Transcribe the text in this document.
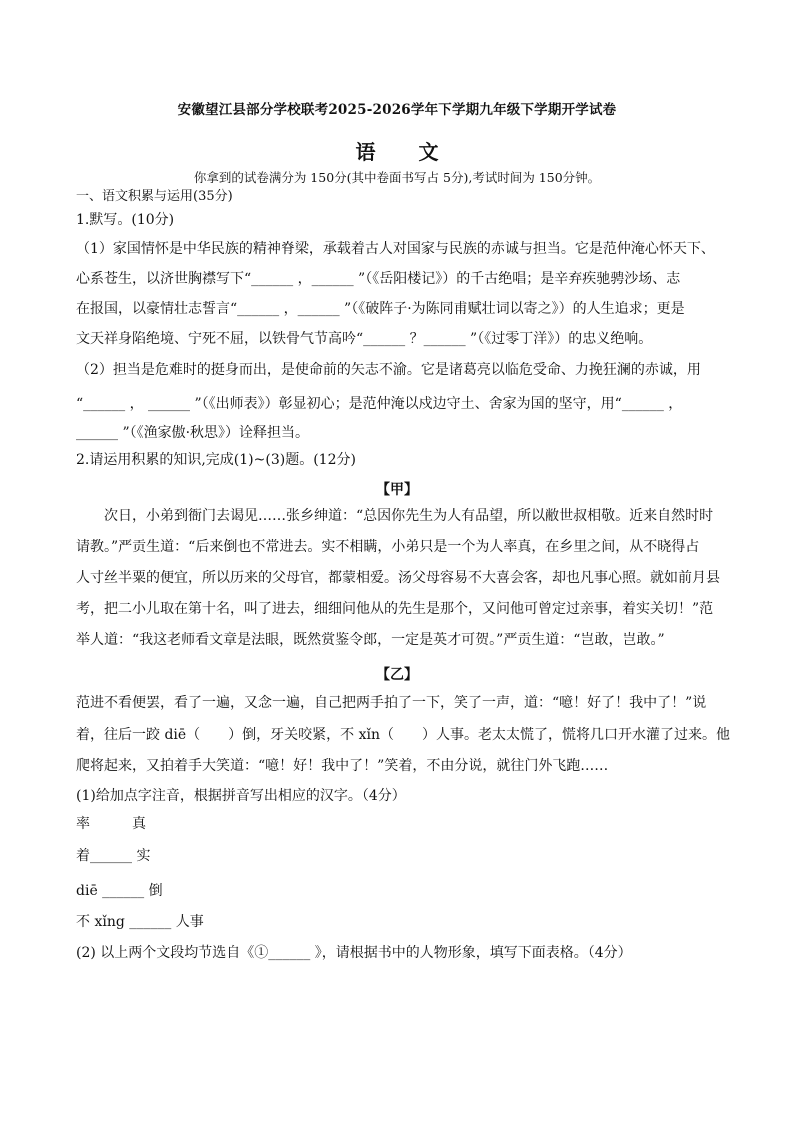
安徽望江县部分学校联考2025-2026学年下学期九年级下学期开学试卷
语 文
你拿到的试卷满分为 150分(其中卷面书写占 5分),考试时间为 150分钟。
一、语文积累与运用(35分)
1.默写。(10分)
（1）家国情怀是中华民族的精神脊梁，承载着古人对国家与民族的赤诚与担当。它是范仲淹心怀天下、
心系苍生，以济世胸襟写下“______ ，______ ”（《岳阳楼记》）的千古绝唱；是辛弃疾驰骋沙场、志
在报国，以豪情壮志誓言“______ ，______ ”（《破阵子·为陈同甫赋壮词以寄之》）的人生追求；更是
文天祥身陷绝境、宁死不屈，以铁骨气节高吟“______ ？______ ”（《过零丁洋》）的忠义绝响。
（2）担当是危难时的挺身而出，是使命前的矢志不渝。它是诸葛亮以临危受命、力挽狂澜的赤诚，用
“______ ， ______ ”（《出师表》）彰显初心；是范仲淹以戍边守土、舍家为国的坚守，用“______ ，
______ ”（《渔家傲·秋思》）诠释担当。
2.请运用积累的知识,完成(1)~(3)题。(12分)
【甲】
次日，小弟到衙门去谒见……张乡绅道：“总因你先生为人有品望，所以敝世叔相敬。近来自然时时
请教。”严贡生道：“后来倒也不常进去。实不相瞒，小弟只是一个为人率真，在乡里之间，从不晓得占
人寸丝半粟的便宜，所以历来的父母官，都蒙相爱。汤父母容易不大喜会客，却也凡事心照。就如前月县
考，把二小儿取在第十名，叫了进去，细细问他从的先生是那个，又问他可曾定过亲事，着实关切！”范
举人道：“我这老师看文章是法眼，既然赏鉴令郎，一定是英才可贺。”严贡生道：“岂敢，岂敢。”
【乙】
范进不看便罢，看了一遍，又念一遍，自己把两手拍了一下，笑了一声，道：“噫！好了！我中了！”说
着，往后一跤 diē（　　）倒，牙关咬紧，不 xǐn（　　）人事。老太太慌了，慌将几口开水灌了过来。他
爬将起来，又拍着手大笑道：“噫！好！我中了！”笑着，不由分说，就往门外飞跑……
(1)给加点字注音，根据拼音写出相应的汉字。（4分）
率　　　真
着______ 实
diē ______ 倒
不 xǐng ______ 人事
(2) 以上两个文段均节选自《①______ 》，请根据书中的人物形象，填写下面表格。（4分）
